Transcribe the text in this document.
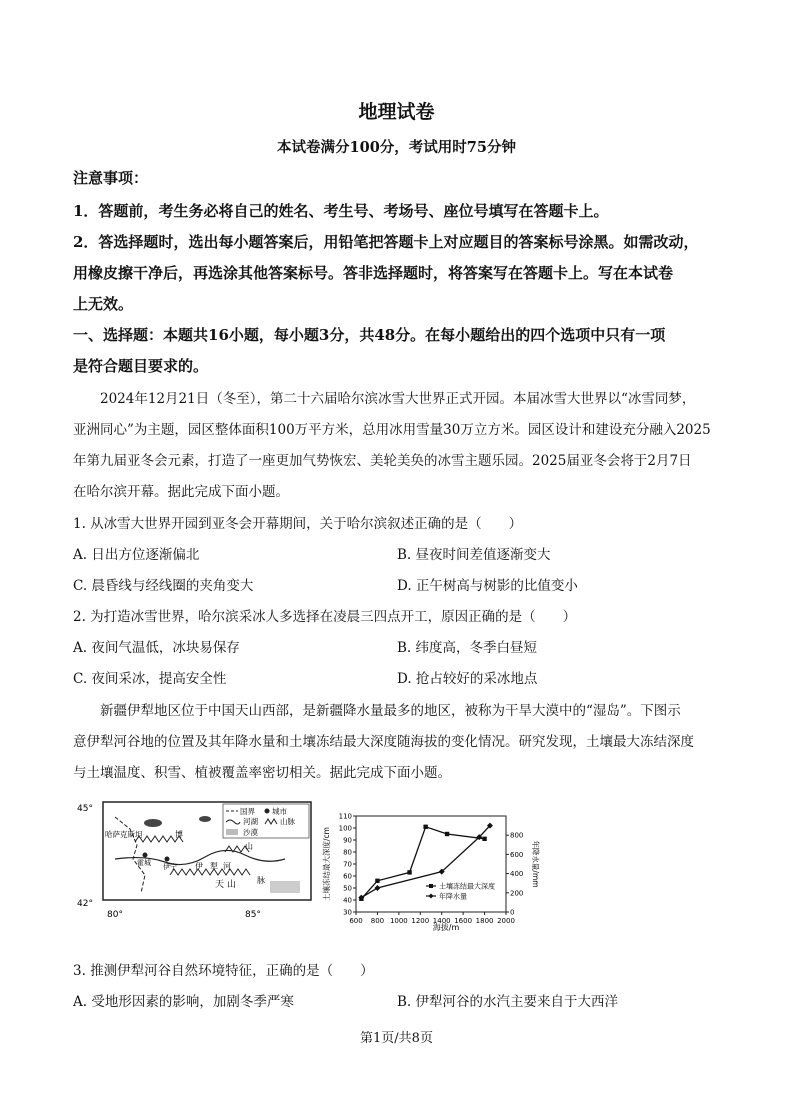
地理试卷
本试卷满分100分，考试用时75分钟
注意事项：
1．答题前，考生务必将自己的姓名、考生号、考场号、座位号填写在答题卡上。
2．答选择题时，选出每小题答案后，用铅笔把答题卡上对应题目的答案标号涂黑。如需改动，
用橡皮擦干净后，再选涂其他答案标号。答非选择题时，将答案写在答题卡上。写在本试卷
上无效。
一、选择题：本题共16小题，每小题3分，共48分。在每小题给出的四个选项中只有一项
是符合题目要求的。
2024年12月21日（冬至），第二十六届哈尔滨冰雪大世界正式开园。本届冰雪大世界以“冰雪同梦，
亚洲同心”为主题，园区整体面积100万平方米，总用冰用雪量30万立方米。园区设计和建设充分融入2025
年第九届亚冬会元素，打造了一座更加气势恢宏、美轮美奂的冰雪主题乐园。2025届亚冬会将于2月7日
在哈尔滨开幕。据此完成下面小题。
1. 从冰雪大世界开园到亚冬会开幕期间，关于哈尔滨叙述正确的是（　　）
A. 日出方位逐渐偏北	B. 昼夜时间差值逐渐变大
C. 晨昏线与经线圈的夹角变大	D. 正午树高与树影的比值变小
2. 为打造冰雪世界，哈尔滨采冰人多选择在凌晨三四点开工，原因正确的是（　　）
A. 夜间气温低，冰块易保存	B. 纬度高，冬季白昼短
C. 夜间采冰，提高安全性	D. 抢占较好的采冰地点
新疆伊犁地区位于中国天山西部，是新疆降水量最多的地区，被称为干旱大漠中的“湿岛”。下图示
意伊犁河谷地的位置及其年降水量和土壤冻结最大深度随海拔的变化情况。研究发现，土壤最大冻结深度
与土壤温度、积雪、植被覆盖率密切相关。据此完成下面小题。
45°
42°
80°	85°
国界 城市
河湖	山脉
沙漠
哈萨克斯坦	博
霍城 伊宁 伊 犁 河
天 山
山
脉
海拔/m
土壤冻结最大深度/cm	年降水量/mm
600 800 1000 1200 1400 1600 1800 2000
30
40
50
60
70
80
90
100
110
0
200
400
600
800
土壤冻结最大深度
年降水量
3. 推测伊犁河谷自然环境特征，正确的是（　　）
A. 受地形因素的影响，加剧冬季严寒	B. 伊犁河谷的水汽主要来自于大西洋
第1页/共8页
